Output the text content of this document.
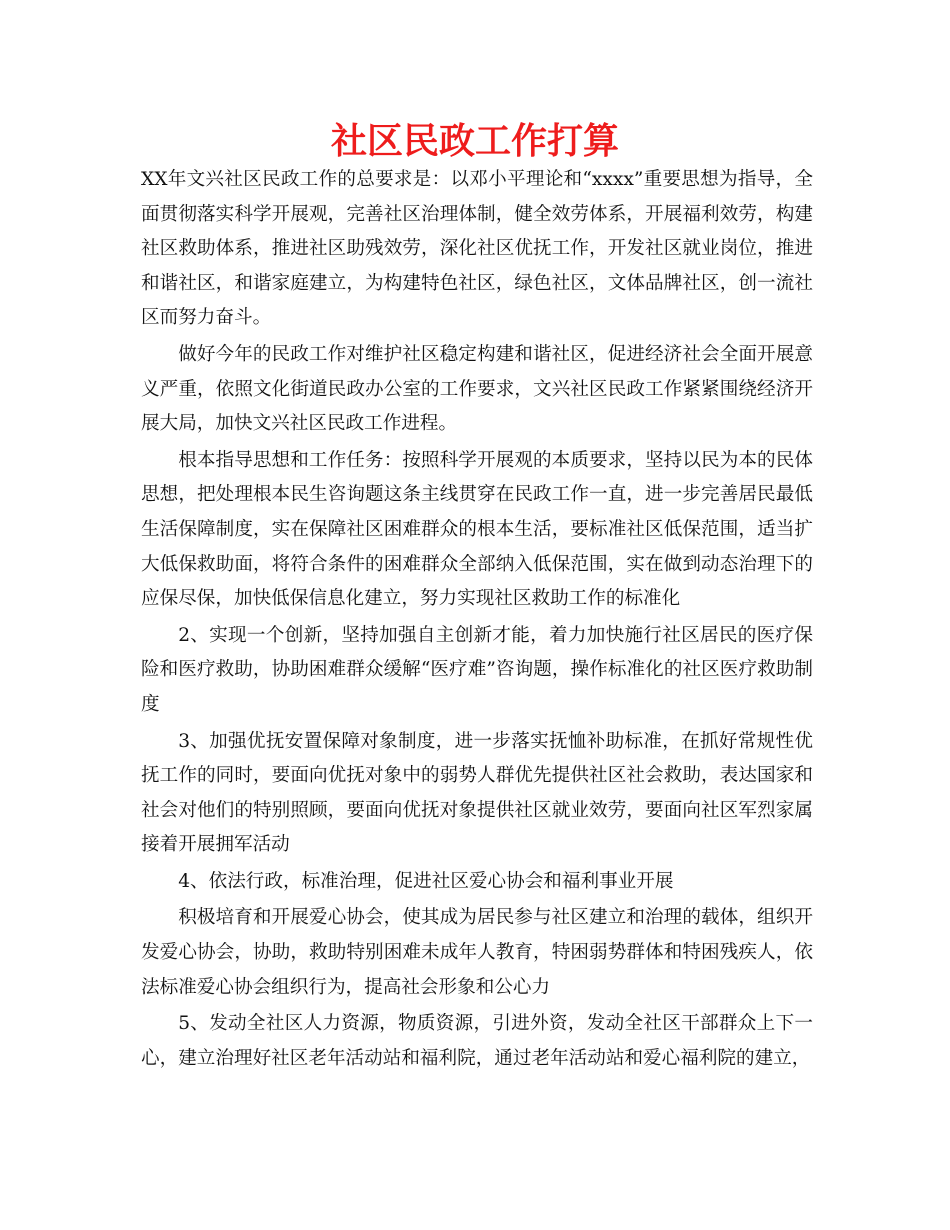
社区民政工作打算

XX年文兴社区民政工作的总要求是：以邓小平理论和“xxxx”重要思想为指导，全面贯彻落实科学开展观，完善社区治理体制，健全效劳体系，开展福利效劳，构建社区救助体系，推进社区助残效劳，深化社区优抚工作，开发社区就业岗位，推进和谐社区，和谐家庭建立，为构建特色社区，绿色社区，文体品牌社区，创一流社区而努力奋斗。

做好今年的民政工作对维护社区稳定构建和谐社区，促进经济社会全面开展意义严重，依照文化街道民政办公室的工作要求，文兴社区民政工作紧紧围绕经济开展大局，加快文兴社区民政工作进程。

根本指导思想和工作任务：按照科学开展观的本质要求，坚持以民为本的民体思想，把处理根本民生咨询题这条主线贯穿在民政工作一直，进一步完善居民最低生活保障制度，实在保障社区困难群众的根本生活，要标准社区低保范围，适当扩大低保救助面，将符合条件的困难群众全部纳入低保范围，实在做到动态治理下的应保尽保，加快低保信息化建立，努力实现社区救助工作的标准化

2、实现一个创新，坚持加强自主创新才能，着力加快施行社区居民的医疗保险和医疗救助，协助困难群众缓解“医疗难”咨询题，操作标准化的社区医疗救助制度

3、加强优抚安置保障对象制度，进一步落实抚恤补助标准，在抓好常规性优抚工作的同时，要面向优抚对象中的弱势人群优先提供社区社会救助，表达国家和社会对他们的特别照顾，要面向优抚对象提供社区就业效劳，要面向社区军烈家属接着开展拥军活动

4、依法行政，标准治理，促进社区爱心协会和福利事业开展

积极培育和开展爱心协会，使其成为居民参与社区建立和治理的载体，组织开发爱心协会，协助，救助特别困难未成年人教育，特困弱势群体和特困残疾人，依法标准爱心协会组织行为，提高社会形象和公心力

5、发动全社区人力资源，物质资源，引进外资，发动全社区干部群众上下一心，建立治理好社区老年活动站和福利院，通过老年活动站和爱心福利院的建立，
